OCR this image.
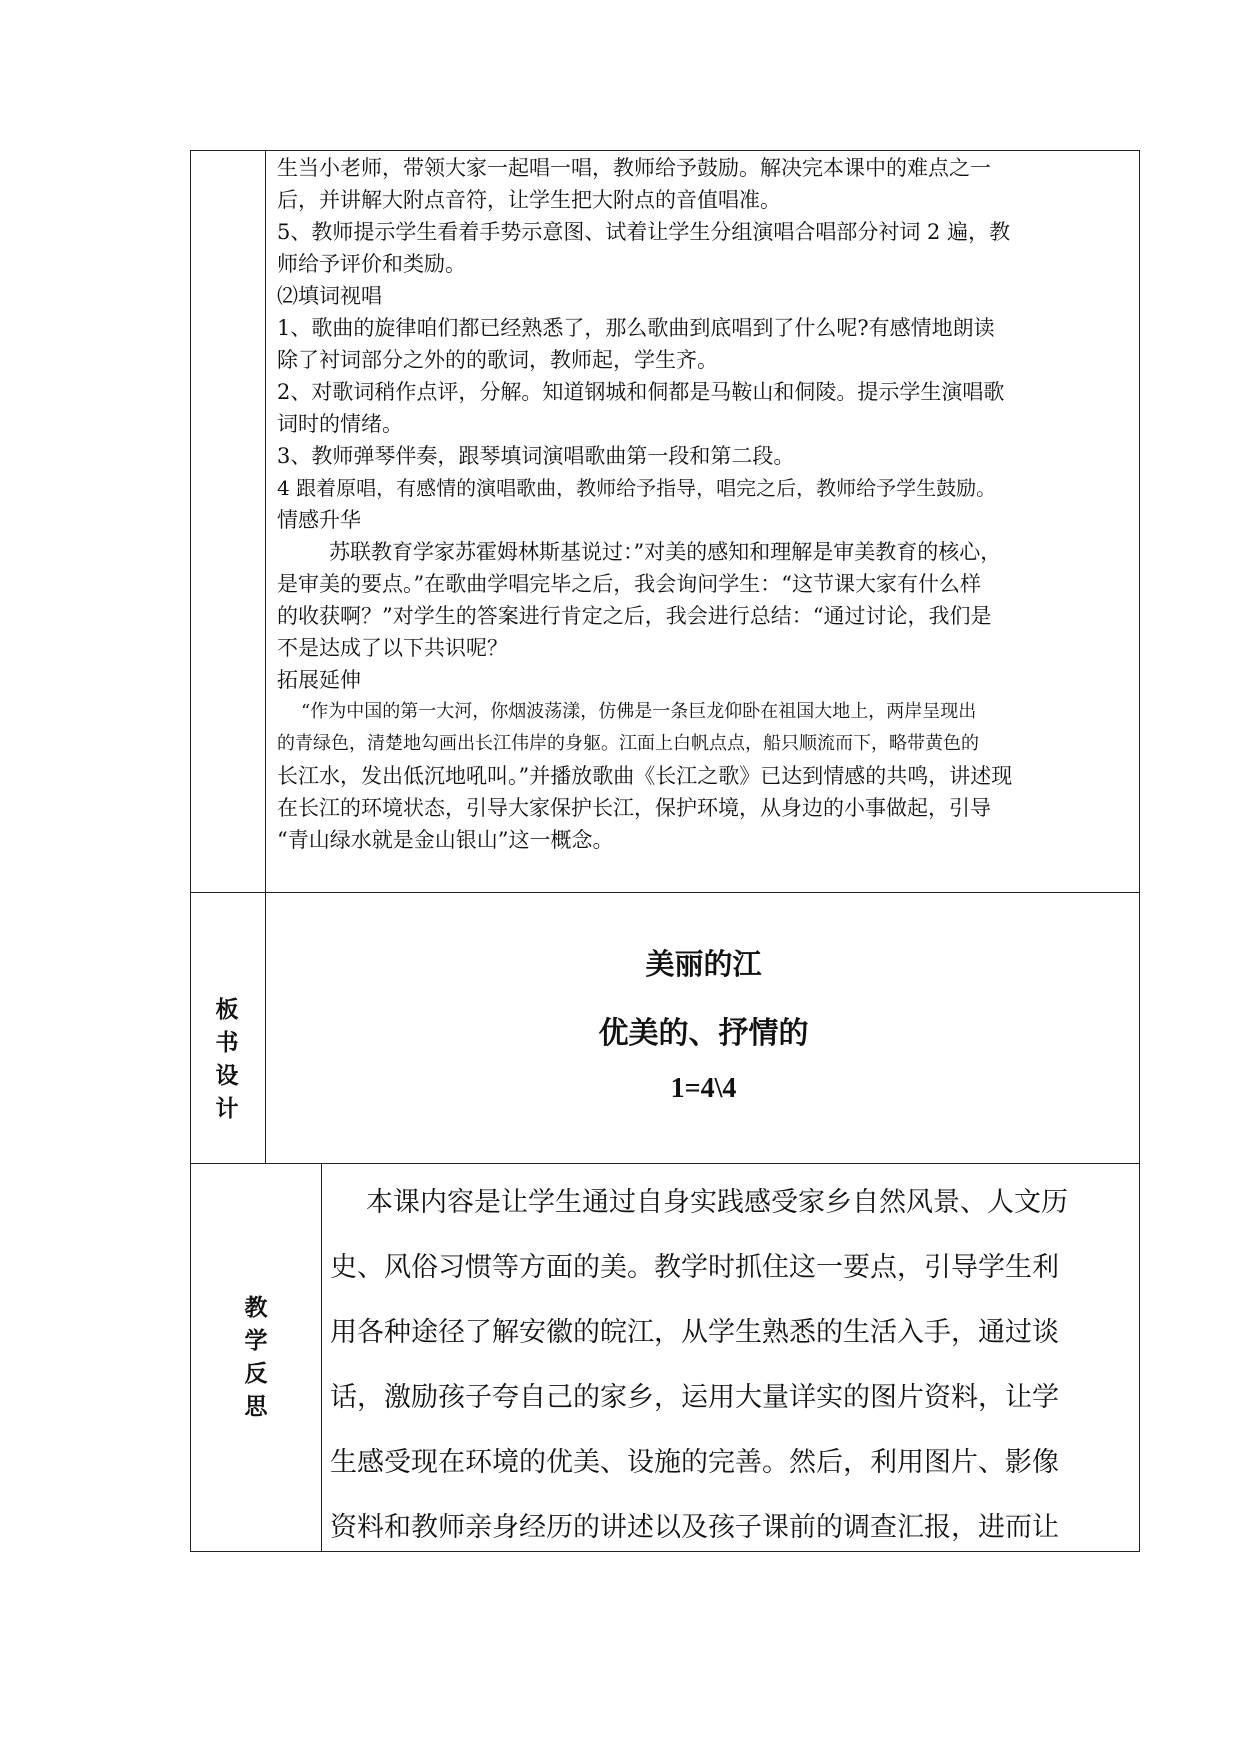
生当小老师，带领大家一起唱一唱，教师给予鼓励。解决完本课中的难点之一

后，并讲解大附点音符，让学生把大附点的音值唱准。

5、教师提示学生看着手势示意图、试着让学生分组演唱合唱部分衬词 2 遍，教

师给予评价和类励。

⑵填词视唱

1、歌曲的旋律咱们都已经熟悉了，那么歌曲到底唱到了什么呢?有感情地朗读

除了衬词部分之外的的歌词，教师起，学生齐。

2、对歌词稍作点评，分解。知道钢城和侗都是马鞍山和侗陵。提示学生演唱歌

词时的情绪。

3、教师弹琴伴奏，跟琴填词演唱歌曲第一段和第二段。

4 跟着原唱，有感情的演唱歌曲，教师给予指导，唱完之后，教师给予学生鼓励。

情感升华

苏联教育学家苏霍姆林斯基说过：”对美的感知和理解是审美教育的核心，

是审美的要点。”在歌曲学唱完毕之后，我会询问学生：“这节课大家有什么样

的收获啊？”对学生的答案进行肯定之后，我会进行总结：“通过讨论，我们是

不是达成了以下共识呢？

拓展延伸

“作为中国的第一大河，你烟波荡漾，仿佛是一条巨龙仰卧在祖国大地上，两岸呈现出

的青绿色，清楚地勾画出长江伟岸的身躯。江面上白帆点点，船只顺流而下，略带黄色的

长江水，发出低沉地吼叫。”并播放歌曲《长江之歌》已达到情感的共鸣，讲述现

在长江的环境状态，引导大家保护长江，保护环境，从身边的小事做起，引导

“青山绿水就是金山银山”这一概念。

板
书
设
计
美丽的江
优美的、抒情的
1=4\4
教
学
反
思

本课内容是让学生通过自身实践感受家乡自然风景、人文历

史、风俗习惯等方面的美。教学时抓住这一要点，引导学生利

用各种途径了解安徽的皖江，从学生熟悉的生活入手，通过谈

话，激励孩子夸自己的家乡，运用大量详实的图片资料，让学

生感受现在环境的优美、设施的完善。然后，利用图片、影像

资料和教师亲身经历的讲述以及孩子课前的调查汇报，进而让
